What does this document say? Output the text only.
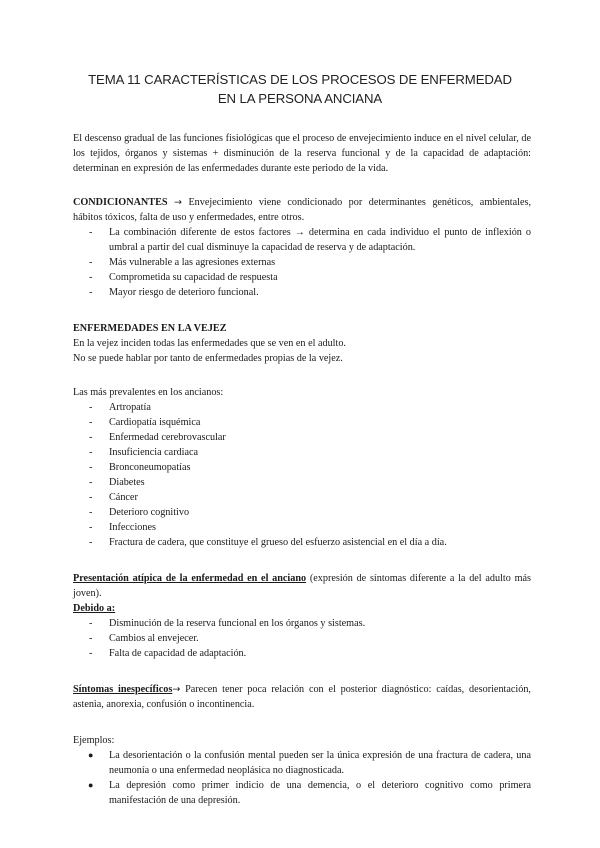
TEMA 11 CARACTERÍSTICAS DE LOS PROCESOS DE ENFERMEDAD
EN LA PERSONA ANCIANA

El descenso gradual de las funciones fisiológicas que el proceso de envejecimiento induce en el nivel celular, de los tejidos, órganos y sistemas + disminución de la reserva funcional y de la capacidad de adaptación: determinan en expresión de las enfermedades durante este periodo de la vida.

CONDICIONANTES → Envejecimiento viene condicionado por determinantes genéticos, ambientales, hábitos tóxicos, falta de uso y enfermedades, entre otros.

- La combinación diferente de estos factores → determina en cada individuo el punto de inflexión o umbral a partir del cual disminuye la capacidad de reserva y de adaptación.
- Más vulnerable a las agresiones externas
- Comprometida su capacidad de respuesta
- Mayor riesgo de deterioro funcional.

ENFERMEDADES EN LA VEJEZ

En la vejez inciden todas las enfermedades que se ven en el adulto.

No se puede hablar por tanto de enfermedades propias de la vejez.

Las más prevalentes en los ancianos:

- Artropatía
- Cardiopatía isquémica
- Enfermedad cerebrovascular
- Insuficiencia cardiaca
- Bronconeumopatías
- Diabetes
- Cáncer
- Deterioro cognitivo
- Infecciones
- Fractura de cadera, que constituye el grueso del esfuerzo asistencial en el día a día.

Presentación atípica de la enfermedad en el anciano (expresión de síntomas diferente a la del adulto más joven).

Debido a:

- Disminución de la reserva funcional en los órganos y sistemas.
- Cambios al envejecer.
- Falta de capacidad de adaptación.

Síntomas inespecíficos→ Parecen tener poca relación con el posterior diagnóstico: caídas, desorientación, astenia, anorexia, confusión o incontinencia.

Ejemplos:

● La desorientación o la confusión mental pueden ser la única expresión de una fractura de cadera, una neumonía o una enfermedad neoplásica no diagnosticada.
● La depresión como primer indicio de una demencia, o el deterioro cognitivo como primera manifestación de una depresión.
